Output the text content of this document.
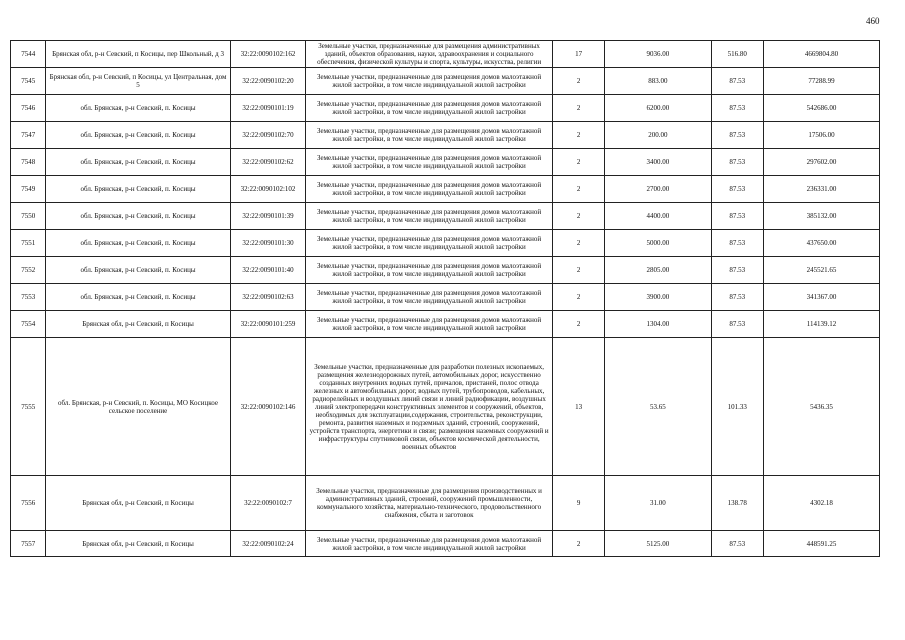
460
7544	Брянская обл, р-н Севский, п Косицы, пер Школьный, д 3	32:22:0090102:162	Земельные участки, предназначенные для размещения административных зданий, объектов образования, науки, здравоохранения и социального обеспечения, физической культуры и спорта, культуры, искусства, религии	17	9036.00	516.80	4669804.80
7545	Брянская обл, р-н Севский, п Косицы, ул Центральная, дом 5	32:22:0090102:20	Земельные участки, предназначенные для размещения домов малоэтажной жилой застройки, в том числе индивидуальной жилой застройки	2	883.00	87.53	77288.99
7546	обл. Брянская, р-н Севский, п. Косицы	32:22:0090101:19	Земельные участки, предназначенные для размещения домов малоэтажной жилой застройки, в том числе индивидуальной жилой застройки	2	6200.00	87.53	542686.00
7547	обл. Брянская, р-н Севский, п. Косицы	32:22:0090102:70	Земельные участки, предназначенные для размещения домов малоэтажной жилой застройки, в том числе индивидуальной жилой застройки	2	200.00	87.53	17506.00
7548	обл. Брянская, р-н Севский, п. Косицы	32:22:0090102:62	Земельные участки, предназначенные для размещения домов малоэтажной жилой застройки, в том числе индивидуальной жилой застройки	2	3400.00	87.53	297602.00
7549	обл. Брянская, р-н Севский, п. Косицы	32:22:0090102:102	Земельные участки, предназначенные для размещения домов малоэтажной жилой застройки, в том числе индивидуальной жилой застройки	2	2700.00	87.53	236331.00
7550	обл. Брянская, р-н Севский, п. Косицы	32:22:0090101:39	Земельные участки, предназначенные для размещения домов малоэтажной жилой застройки, в том числе индивидуальной жилой застройки	2	4400.00	87.53	385132.00
7551	обл. Брянская, р-н Севский, п. Косицы	32:22:0090101:30	Земельные участки, предназначенные для размещения домов малоэтажной жилой застройки, в том числе индивидуальной жилой застройки	2	5000.00	87.53	437650.00
7552	обл. Брянская, р-н Севский, п. Косицы	32:22:0090101:40	Земельные участки, предназначенные для размещения домов малоэтажной жилой застройки, в том числе индивидуальной жилой застройки	2	2805.00	87.53	245521.65
7553	обл. Брянская, р-н Севский, п. Косицы	32:22:0090102:63	Земельные участки, предназначенные для размещения домов малоэтажной жилой застройки, в том числе индивидуальной жилой застройки	2	3900.00	87.53	341367.00
7554	Брянская обл, р-н Севский, п Косицы	32:22:0090101:259	Земельные участки, предназначенные для размещения домов малоэтажной жилой застройки, в том числе индивидуальной жилой застройки	2	1304.00	87.53	114139.12
7555	обл. Брянская, р-н Севский, п. Косицы, МО Косицкое сельское поселение	32:22:0090102:146	Земельные участки, предназначенные для разработки полезных ископаемых, размещения железнодорожных путей, автомобильных дорог, искусственно созданных внутренних водных путей, причалов, пристаней, полос отвода железных и автомобильных дорог, водных путей, трубопроводов, кабельных, радиорелейных и воздушных линий связи и линий радиофикации, воздушных линий электропередачи конструктивных элементов и сооружений, объектов, необходимых для эксплуатации,содержания, строительства, реконструкции, ремонта, развития наземных и подземных зданий, строений, сооружений, устройств транспорта, энергетики и связи; размещения наземных сооружений и инфраструктуры спутниковой связи, объектов космической деятельности, военных объектов	13	53.65	101.33	5436.35
7556	Брянская обл, р-н Севский, п Косицы	32:22:0090102:7	Земельные участки, предназначенные для размещения производственных и административных зданий, строений, сооружений промышленности, коммунального хозяйства, материально-технического, продовольственного снабжения, сбыта и заготовок	9	31.00	138.78	4302.18
7557	Брянская обл, р-н Севский, п Косицы	32:22:0090102:24	Земельные участки, предназначенные для размещения домов малоэтажной жилой застройки, в том числе индивидуальной жилой застройки	2	5125.00	87.53	448591.25
